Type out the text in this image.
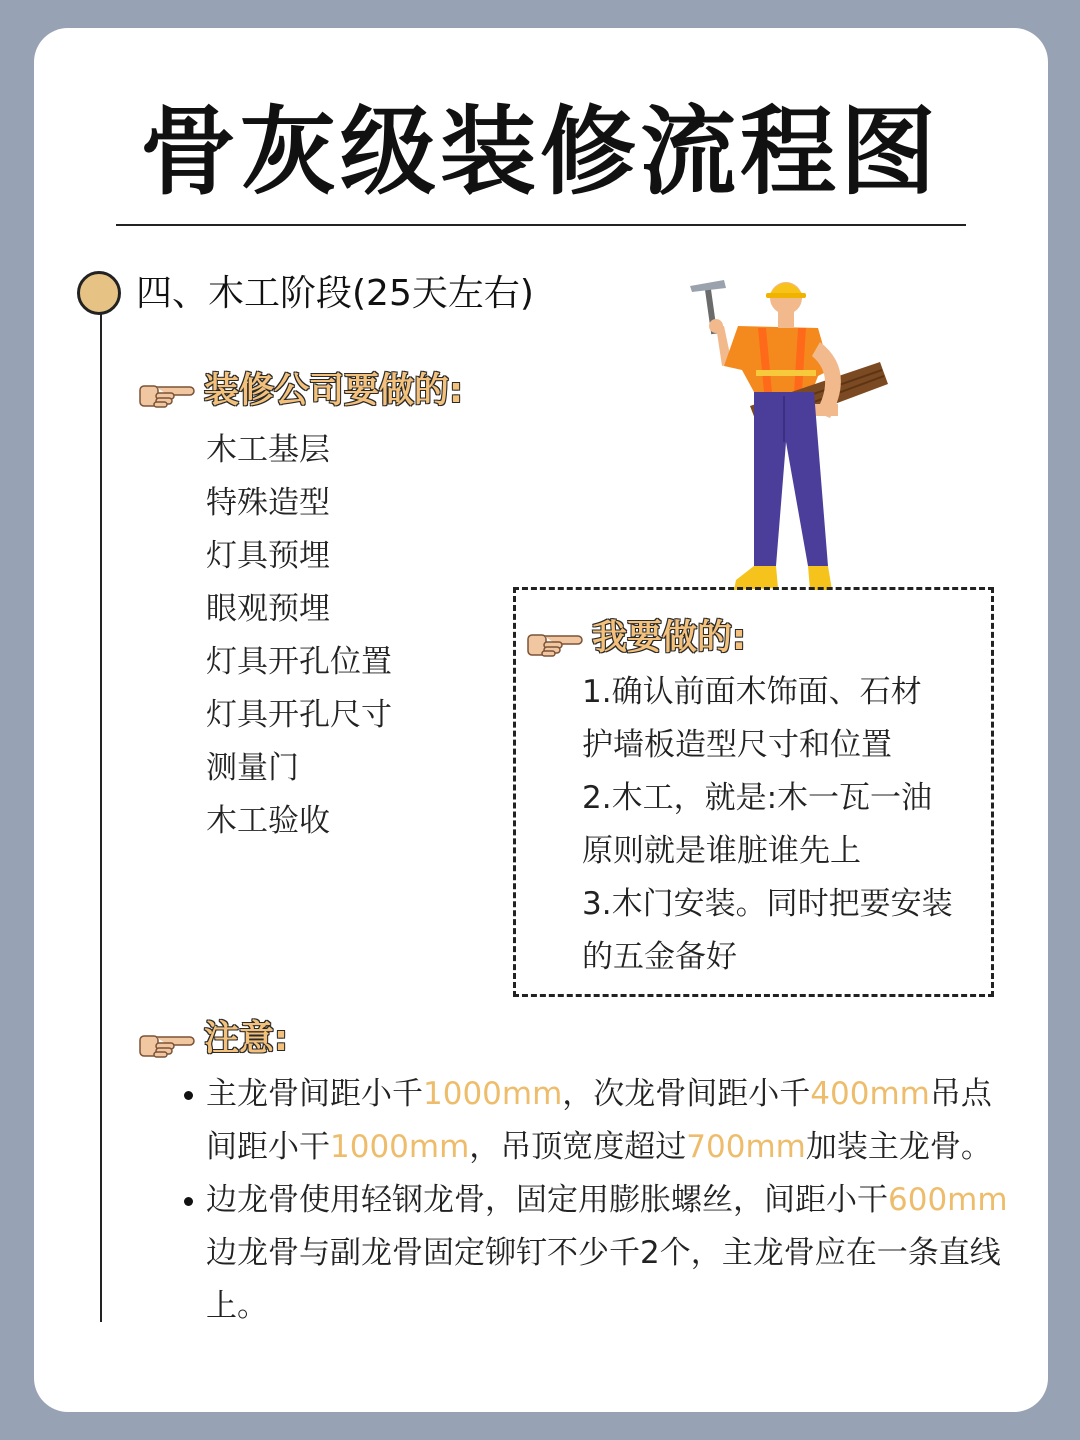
骨灰级装修流程图
四、木工阶段(25天左右)
装修公司要做的:
木工基层
特殊造型
灯具预埋
眼观预埋
灯具开孔位置
灯具开孔尺寸
测量门
木工验收
我要做的:
1.确认前面木饰面、石材
护墙板造型尺寸和位置
2.木工，就是:木一瓦一油
原则就是谁脏谁先上
3.木门安装。同时把要安装
的五金备好
注意:
主龙骨间距小千1000mm，次龙骨间距小千400mm吊点间距小干1000mm，吊顶宽度超过700mm加装主龙骨。
边龙骨使用轻钢龙骨，固定用膨胀螺丝，间距小干600mm边龙骨与副龙骨固定铆钉不少千2个，主龙骨应在一条直线上。
